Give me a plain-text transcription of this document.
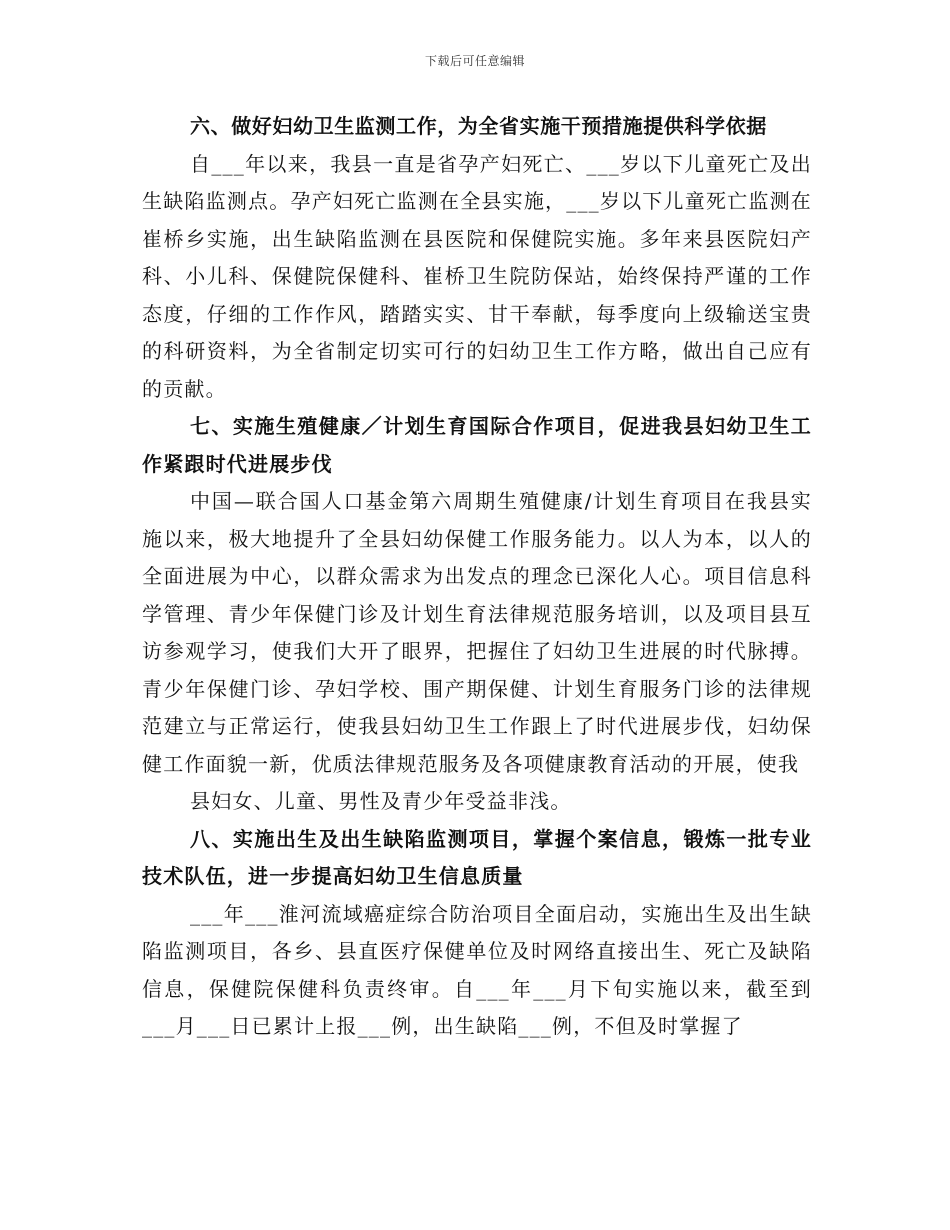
下载后可任意编辑

六、做好妇幼卫生监测工作，为全省实施干预措施提供科学依据

自___年以来，我县一直是省孕产妇死亡、___岁以下儿童死亡及出生缺陷监测点。孕产妇死亡监测在全县实施，___岁以下儿童死亡监测在崔桥乡实施，出生缺陷监测在县医院和保健院实施。多年来县医院妇产科、小儿科、保健院保健科、崔桥卫生院防保站，始终保持严谨的工作态度，仔细的工作作风，踏踏实实、甘干奉献，每季度向上级输送宝贵的科研资料，为全省制定切实可行的妇幼卫生工作方略，做出自己应有的贡献。

七、实施生殖健康／计划生育国际合作项目，促进我县妇幼卫生工作紧跟时代进展步伐

中国—联合国人口基金第六周期生殖健康/计划生育项目在我县实施以来，极大地提升了全县妇幼保健工作服务能力。以人为本，以人的全面进展为中心，以群众需求为出发点的理念已深化人心。项目信息科学管理、青少年保健门诊及计划生育法律规范服务培训，以及项目县互访参观学习，使我们大开了眼界，把握住了妇幼卫生进展的时代脉搏。青少年保健门诊、孕妇学校、围产期保健、计划生育服务门诊的法律规范建立与正常运行，使我县妇幼卫生工作跟上了时代进展步伐，妇幼保健工作面貌一新，优质法律规范服务及各项健康教育活动的开展，使我

县妇女、儿童、男性及青少年受益非浅。

八、实施出生及出生缺陷监测项目，掌握个案信息，锻炼一批专业技术队伍，进一步提高妇幼卫生信息质量

___年___淮河流域癌症综合防治项目全面启动，实施出生及出生缺陷监测项目，各乡、县直医疗保健单位及时网络直接出生、死亡及缺陷信息，保健院保健科负责终审。自___年___月下旬实施以来，截至到___月___日已累计上报___例，出生缺陷___例，不但及时掌握了
